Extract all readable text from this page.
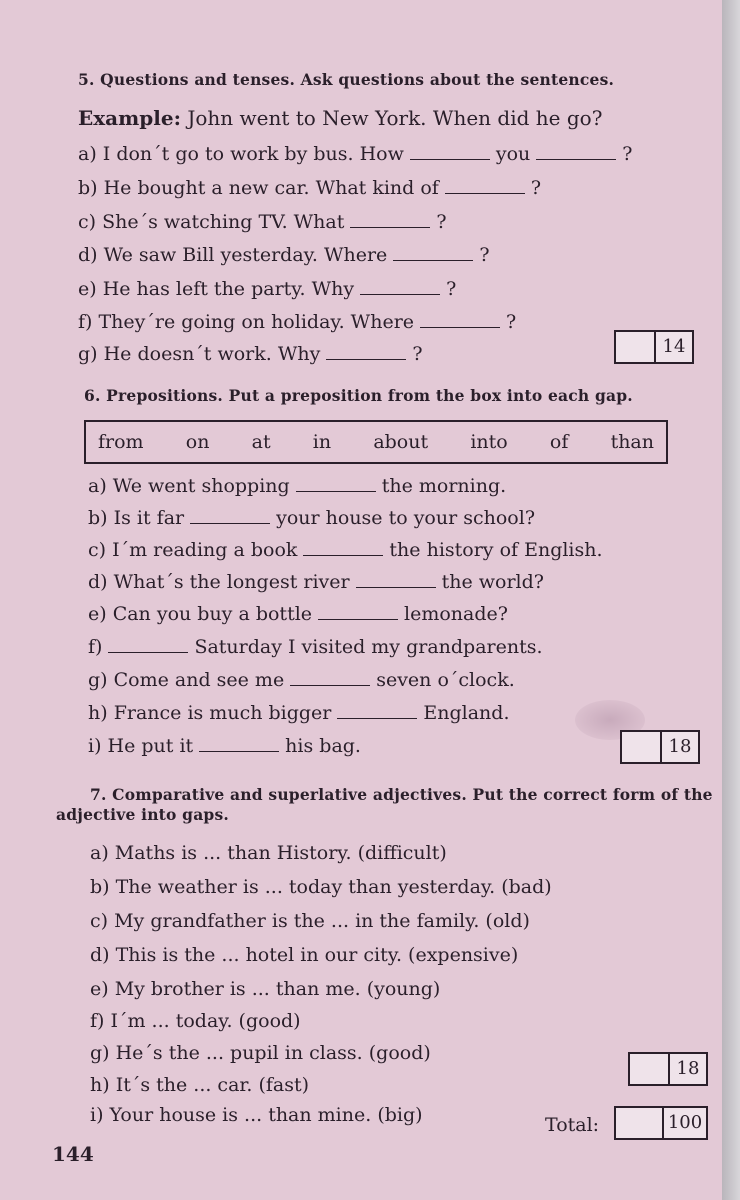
5. Questions and tenses. Ask questions about the sentences.
Example: John went to New York. When did he go?
a) I don´t go to work by bus. How	you	?
b) He bought a new car. What kind of	?
c) She´s watching TV. What	?
d) We saw Bill yesterday. Where	?
e) He has left the party. Why	?
f) They´re going on holiday. Where	?
g) He doesn´t work. Why	?	14
6. Prepositions. Put a preposition from the box into each gap.
from on at in about into of than
a) We went shopping	the morning.
b) Is it far	your house to your school?
c) I´m reading a book	the history of English.
d) What´s the longest river	the world?
e) Can you buy a bottle	lemonade?
f)	Saturday I visited my grandparents.
g) Come and see me	seven o´clock.
h) France is much bigger	England.
i) He put it	his bag.	18
7. Comparative and superlative adjectives. Put the correct form of the
adjective into gaps.
a) Maths is ... than History. (difficult)
b) The weather is ... today than yesterday. (bad)
c) My grandfather is the ... in the family. (old)
d) This is the ... hotel in our city. (expensive)
e) My brother is ... than me. (young)
f) I´m ... today. (good)
g) He´s the ... pupil in class. (good)
h) It´s the ... car. (fast)
i) Your house is ... than mine. (big)
18
Total:	100
144
